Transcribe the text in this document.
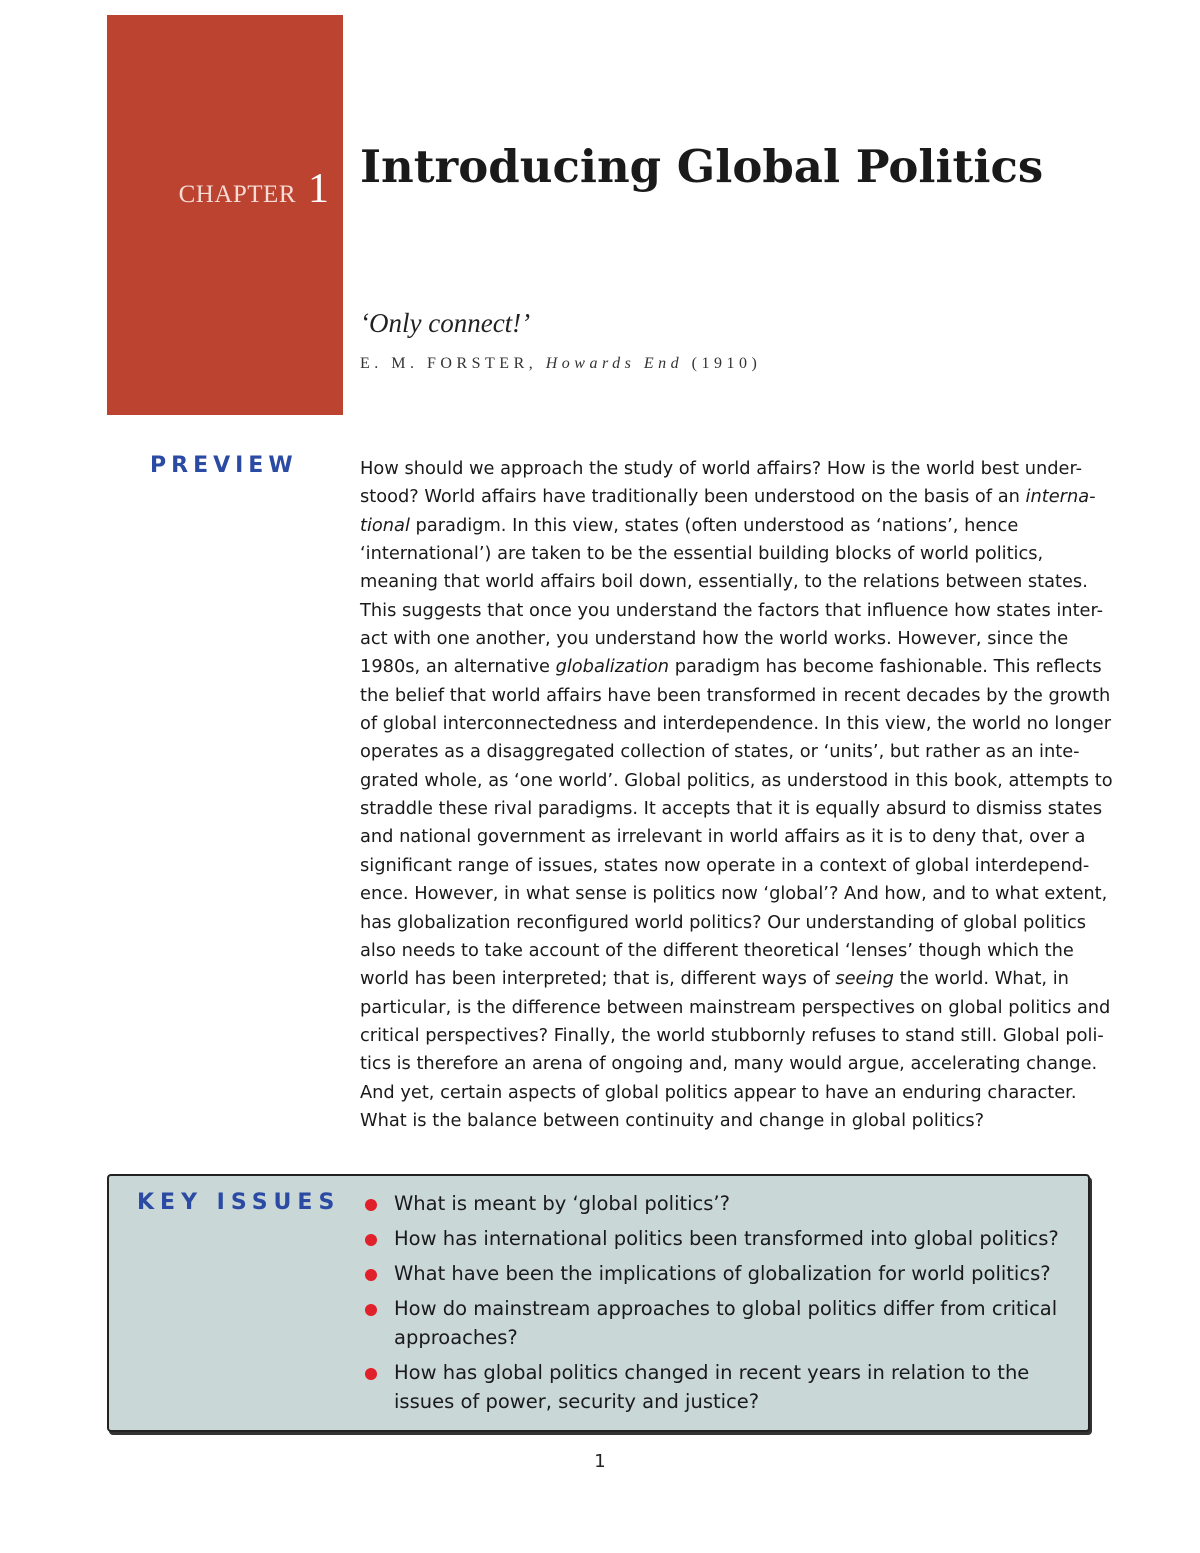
CHAPTER 1 Introducing Global Politics
‘Only connect!’
E. M. FORSTER, Howards End (1910)
PREVIEW	How should we approach the study of world affairs? How is the world best under-
stood? World affairs have traditionally been understood on the basis of an interna-
tional paradigm. In this view, states (often understood as ‘nations’, hence
‘international’) are taken to be the essential building blocks of world politics,
meaning that world affairs boil down, essentially, to the relations between states.
This suggests that once you understand the factors that influence how states inter-
act with one another, you understand how the world works. However, since the
1980s, an alternative globalization paradigm has become fashionable. This reflects
the belief that world affairs have been transformed in recent decades by the growth
of global interconnectedness and interdependence. In this view, the world no longer
operates as a disaggregated collection of states, or ‘units’, but rather as an inte-
grated whole, as ‘one world’. Global politics, as understood in this book, attempts to
straddle these rival paradigms. It accepts that it is equally absurd to dismiss states
and national government as irrelevant in world affairs as it is to deny that, over a
significant range of issues, states now operate in a context of global interdepend-
ence. However, in what sense is politics now ‘global’? And how, and to what extent,
has globalization reconfigured world politics? Our understanding of global politics
also needs to take account of the different theoretical ‘lenses’ though which the
world has been interpreted; that is, different ways of seeing the world. What, in
particular, is the difference between mainstream perspectives on global politics and
critical perspectives? Finally, the world stubbornly refuses to stand still. Global poli-
tics is therefore an arena of ongoing and, many would argue, accelerating change.
And yet, certain aspects of global politics appear to have an enduring character.
What is the balance between continuity and change in global politics?
KEY ISSUES	What is meant by ‘global politics’?
How has international politics been transformed into global politics?
What have been the implications of globalization for world politics?
How do mainstream approaches to global politics differ from critical approaches?
How has global politics changed in recent years in relation to the issues of power, security and justice?
1
